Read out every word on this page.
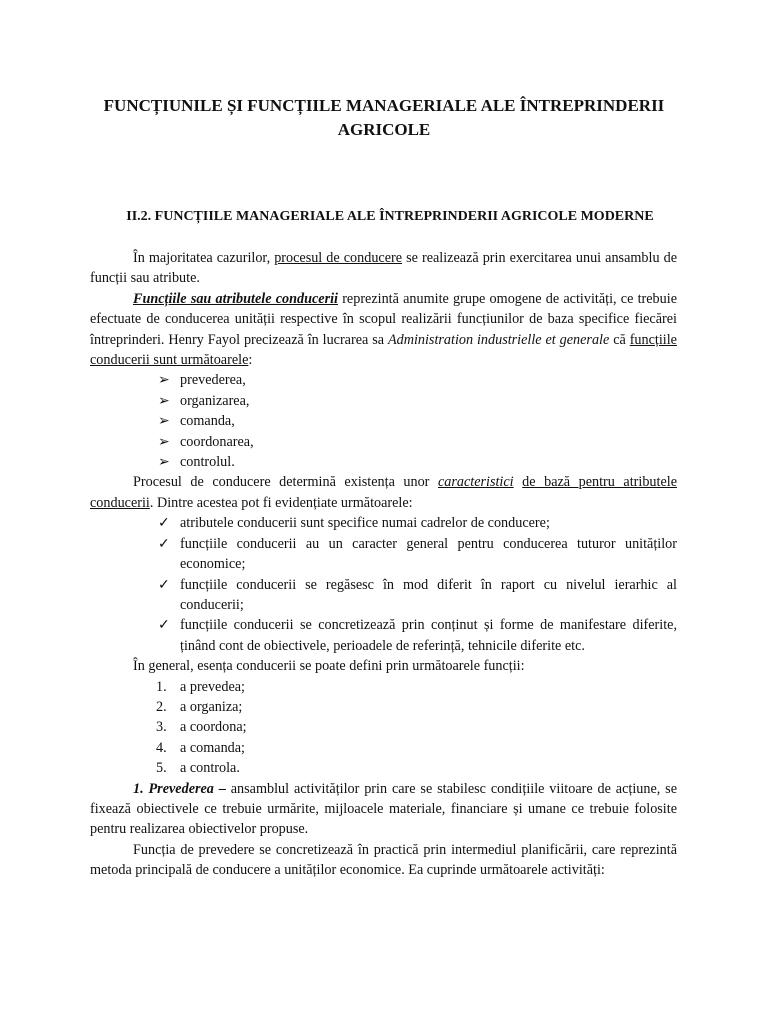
FUNCȚIUNILE ȘI FUNCȚIILE MANAGERIALE ALE ÎNTREPRINDERII
AGRICOLE
II.2. FUNCȚIILE MANAGERIALE ALE ÎNTREPRINDERII AGRICOLE MODERNE

În majoritatea cazurilor, procesul de conducere se realizează prin exercitarea unui ansamblu de funcții sau atribute.

Funcțiile sau atributele conducerii reprezintă anumite grupe omogene de activități, ce trebuie efectuate de conducerea unității respective în scopul realizării funcțiunilor de baza specifice fiecărei întreprinderi. Henry Fayol precizează în lucrarea sa Administration industrielle et generale că funcțiile conducerii sunt următoarele:

➢ prevederea,
➢ organizarea,
➢ comanda,
➢ coordonarea,
➢ controlul.

Procesul de conducere determină existența unor caracteristici de bază pentru atributele conducerii. Dintre acestea pot fi evidențiate următoarele:

✓ atributele conducerii sunt specifice numai cadrelor de conducere;
✓ funcțiile conducerii au un caracter general pentru conducerea tuturor unităților economice;
✓ funcțiile conducerii se regăsesc în mod diferit în raport cu nivelul ierarhic al conducerii;
✓ funcțiile conducerii se concretizează prin conținut și forme de manifestare diferite, ținând cont de obiectivele, perioadele de referință, tehnicile diferite etc.

În general, esența conducerii se poate defini prin următoarele funcții:

1. a prevedea;
2. a organiza;
3. a coordona;
4. a comanda;
5. a controla.

1. Prevederea – ansamblul activităților prin care se stabilesc condițiile viitoare de acțiune, se fixează obiectivele ce trebuie urmărite, mijloacele materiale, financiare și umane ce trebuie folosite pentru realizarea obiectivelor propuse.

Funcția de prevedere se concretizează în practică prin intermediul planificării, care reprezintă metoda principală de conducere a unităților economice. Ea cuprinde următoarele activități:
